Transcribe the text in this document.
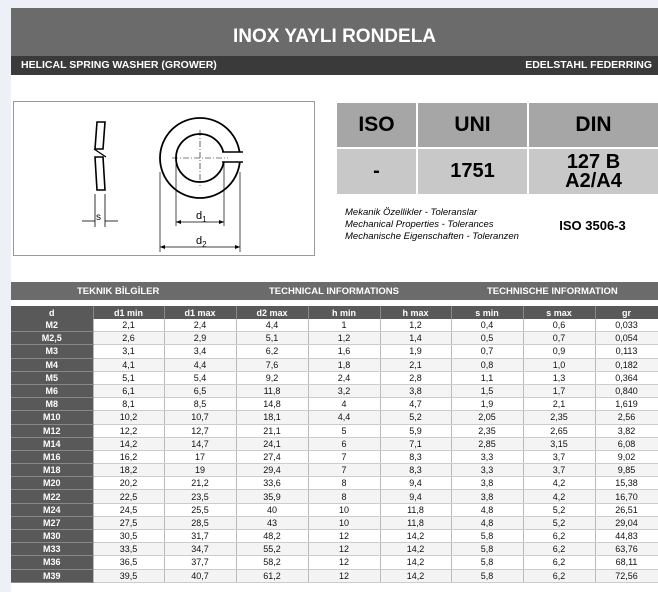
INOX YAYLI RONDELA
HELICAL SPRING WASHER (GROWER)	EDELSTAHL FEDERRING
s	$d_1$
$d_2$
ISO	UNI	DIN
-	1751	127 B
A2/A4
Mekanik Özellikler - Toleranslar
Mechanical Properties - Tolerances
Mechanische Eigenschaften - Toleranzen
ISO 3506-3
TEKNIK BİLGİLER	TECHNICAL INFORMATIONS	TECHNISCHE INFORMATION
d	d1 min	d1 max	d2 max	h min	h max	s min	s max	gr
M2	2,1	2,4	4,4	1	1,2	0,4	0,6	0,033
M2,5	2,6	2,9	5,1	1,2	1,4	0,5	0,7	0,054
M3	3,1	3,4	6,2	1,6	1,9	0,7	0,9	0,113
M4	4,1	4,4	7,6	1,8	2,1	0,8	1,0	0,182
M5	5,1	5,4	9,2	2,4	2,8	1,1	1,3	0,364
M6	6,1	6,5	11,8	3,2	3,8	1,5	1,7	0,840
M8	8,1	8,5	14,8	4	4,7	1,9	2,1	1,619
M10	10,2	10,7	18,1	4,4	5,2	2,05	2,35	2,56
M12	12,2	12,7	21,1	5	5,9	2,35	2,65	3,82
M14	14,2	14,7	24,1	6	7,1	2,85	3,15	6,08
M16	16,2	17	27,4	7	8,3	3,3	3,7	9,02
M18	18,2	19	29,4	7	8,3	3,3	3,7	9,85
M20	20,2	21,2	33,6	8	9,4	3,8	4,2	15,38
M22	22,5	23,5	35,9	8	9,4	3,8	4,2	16,70
M24	24,5	25,5	40	10	11,8	4,8	5,2	26,51
M27	27,5	28,5	43	10	11,8	4,8	5,2	29,04
M30	30,5	31,7	48,2	12	14,2	5,8	6,2	44,83
M33	33,5	34,7	55,2	12	14,2	5,8	6,2	63,76
M36	36,5	37,7	58,2	12	14,2	5,8	6,2	68,11
M39	39,5	40,7	61,2	12	14,2	5,8	6,2	72,56
